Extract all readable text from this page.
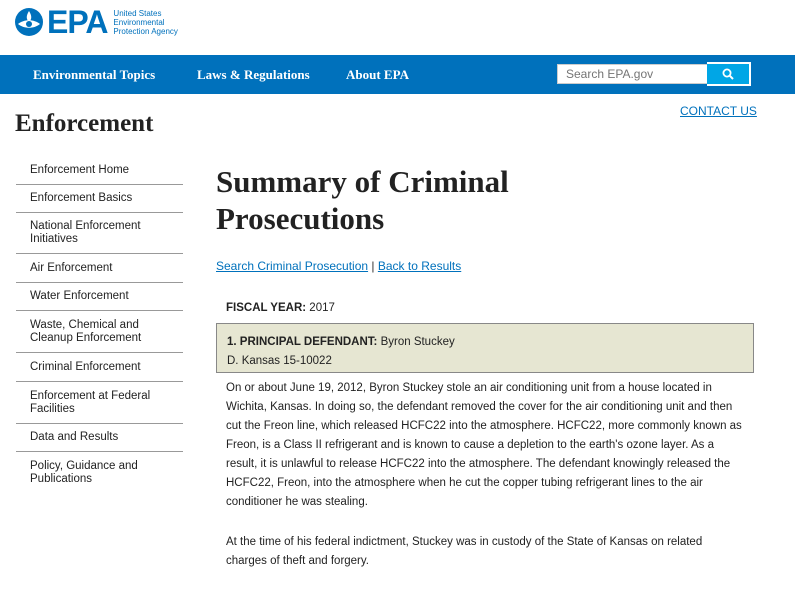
EPA United States
Environmental
Protection Agency
Environmental Topics	Laws & Regulations	About EPA
Search EPA.gov
Enforcement	CONTACT US
Enforcement Home
Enforcement Basics
National Enforcement Initiatives
Air Enforcement
Water Enforcement
Waste, Chemical and Cleanup Enforcement
Criminal Enforcement
Enforcement at Federal Facilities
Data and Results
Policy, Guidance and Publications
Summary of Criminal Prosecutions
Search Criminal Prosecution | Back to Results
FISCAL YEAR: 2017
1. PRINCIPAL DEFENDANT: Byron Stuckey
D. Kansas 15-10022

On or about June 19, 2012, Byron Stuckey stole an air conditioning unit from a house located in Wichita, Kansas. In doing so, the defendant removed the cover for the air conditioning unit and then cut the Freon line, which released HCFC22 into the atmosphere. HCFC22, more commonly known as Freon, is a Class II refrigerant and is known to cause a depletion to the earth's ozone layer. As a result, it is unlawful to release HCFC22 into the atmosphere. The defendant knowingly released the HCFC22, Freon, into the atmosphere when he cut the copper tubing refrigerant lines to the air conditioner he was stealing.

At the time of his federal indictment, Stuckey was in custody of the State of Kansas on related charges of theft and forgery.
